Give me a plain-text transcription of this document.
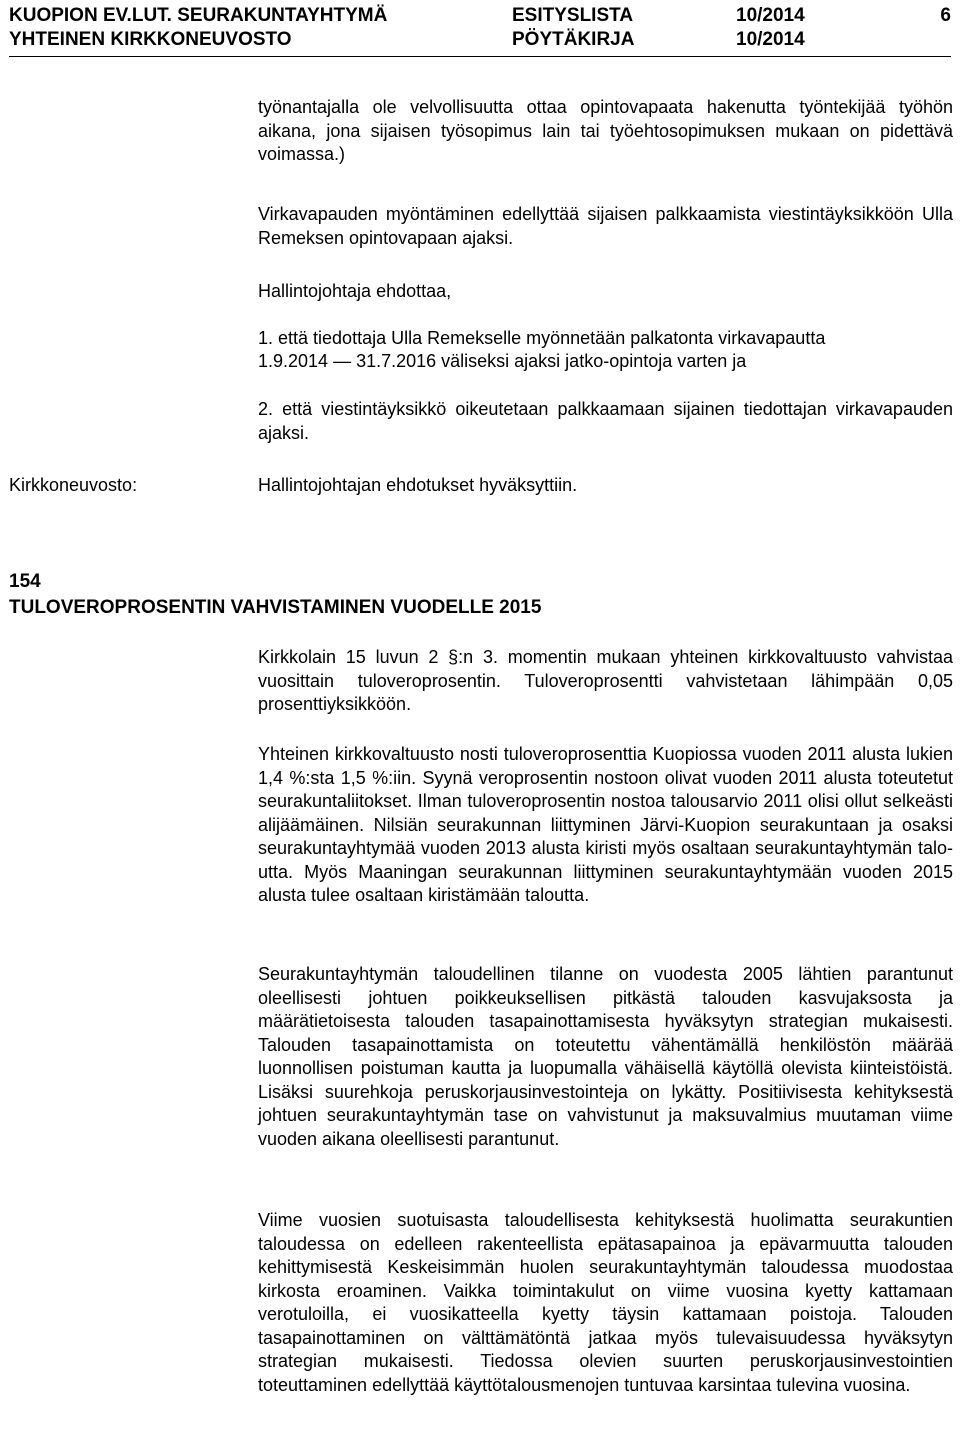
KUOPION EV.LUT. SEURAKUNTAYHTYMÄ	ESITYSLISTA	10/2014	6
YHTEINEN KIRKKONEUVOSTO	PÖYTÄKIRJA	10/2014

työnantajalla ole velvollisuutta ottaa opintovapaata hakenutta työntekijää työhön aikana, jona sijaisen työsopimus lain tai työehtosopimuksen mukaan on pidettävä voimassa.)

Virkavapauden myöntäminen edellyttää sijaisen palkkaamista viestintäyksikköön Ulla Remeksen opintovapaan ajaksi.

Hallintojohtaja ehdottaa,

1. että tiedottaja Ulla Remekselle myönnetään palkatonta virkavapautta

1.9.2014 — 31.7.2016 väliseksi ajaksi jatko-opintoja varten ja

2. että viestintäyksikkö oikeutetaan palkkaamaan sijainen tiedottajan virkavapauden ajaksi.

Kirkkoneuvosto:	Hallintojohtajan ehdotukset hyväksyttiin.

154

TULOVEROPROSENTIN VAHVISTAMINEN VUODELLE 2015

Kirkkolain 15 luvun 2 §:n 3. momentin mukaan yhteinen kirkkovaltuusto vahvistaa vuosittain tuloveroprosentin. Tuloveroprosentti vahvistetaan lähimpään 0,05 prosenttiyksikköön.

Yhteinen kirkkovaltuusto nosti tuloveroprosenttia Kuopiossa vuoden 2011 alusta lukien 1,4 %:sta 1,5 %:iin. Syynä veroprosentin nostoon olivat vuoden 2011 alusta toteutetut seurakuntaliitokset. Ilman tuloveroprosentin nostoa talousarvio 2011 olisi ollut selkeästi alijäämäinen. Nilsiän seurakunnan liittyminen Järvi-Kuopion seurakuntaan ja osaksi seurakuntayhtymää vuoden 2013 alusta kiristi myös osaltaan seurakuntayhtymän taloutta. Myös Maaningan seurakunnan liittyminen seurakuntayhtymään vuoden 2015 alusta tulee osaltaan kiristämään taloutta.

Seurakuntayhtymän taloudellinen tilanne on vuodesta 2005 lähtien parantunut oleellisesti johtuen poikkeuksellisen pitkästä talouden kasvujaksosta ja määrätietoisesta talouden tasapainottamisesta hyväksytyn strategian mukaisesti. Talouden tasapainottamista on toteutettu vähentämällä henkilöstön määrää luonnollisen poistuman kautta ja luopumalla vähäisellä käytöllä olevista kiinteistöistä. Lisäksi suurehkoja peruskorjausinvestointeja on lykätty. Positiivisesta kehityksestä johtuen seurakuntayhtymän tase on vahvistunut ja maksuvalmius muutaman viime vuoden aikana oleellisesti parantunut.

Viime vuosien suotuisasta taloudellisesta kehityksestä huolimatta seurakuntien taloudessa on edelleen rakenteellista epätasapainoa ja epävarmuutta talouden kehittymisestä Keskeisimmän huolen seurakuntayhtymän taloudessa muodostaa kirkosta eroaminen. Vaikka toimintakulut on viime vuosina kyetty kattamaan verotuloilla, ei vuosikatteella kyetty täysin kattamaan poistoja. Talouden tasapainottaminen on välttämätöntä jatkaa myös tulevaisuudessa hyväksytyn strategian mukaisesti. Tiedossa olevien suurten peruskorjausinvestointien toteuttaminen edellyttää käyttötalousmenojen tuntuvaa karsintaa tulevina vuosina.
